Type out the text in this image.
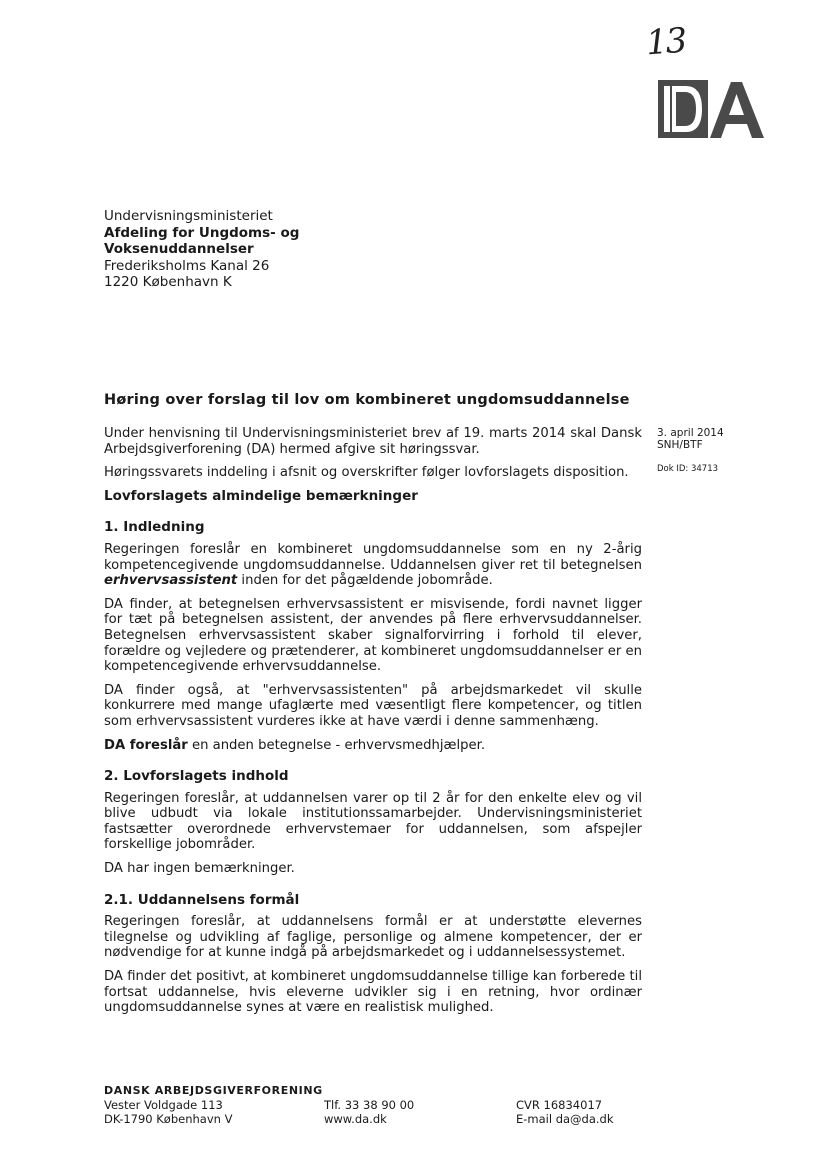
13
Undervisningsministeriet
Afdeling for Ungdoms- og
Voksenuddannelser
Frederiksholms Kanal 26
1220 København K
Høring over forslag til lov om kombineret ungdomsuddannelse
3. april 2014
SNH/BTF
Dok ID: 34713

Under henvisning til Undervisningsministeriet brev af 19. marts 2014 skal Dansk Arbejdsgiverforening (DA) hermed afgive sit høringssvar.

Høringssvarets inddeling i afsnit og overskrifter følger lovforslagets disposition.

Lovforslagets almindelige bemærkninger
1. Indledning

Regeringen foreslår en kombineret ungdomsuddannelse som en ny 2-årig kompetencegivende ungdomsuddannelse. Uddannelsen giver ret til betegnelsen erhvervsassistent inden for det pågældende jobområde.

DA finder, at betegnelsen erhvervsassistent er misvisende, fordi navnet ligger for tæt på betegnelsen assistent, der anvendes på flere erhvervsuddannelser. Betegnelsen erhvervsassistent skaber signalforvirring i forhold til elever, forældre og vejledere og prætenderer, at kombineret ungdomsuddannelser er en kompetencegivende erhvervsuddannelse.

DA finder også, at "erhvervsassistenten" på arbejdsmarkedet vil skulle konkurrere med mange ufaglærte med væsentligt flere kompetencer, og titlen som erhvervsassistent vurderes ikke at have værdi i denne sammenhæng.

DA foreslår en anden betegnelse - erhvervsmedhjælper.

2. Lovforslagets indhold

Regeringen foreslår, at uddannelsen varer op til 2 år for den enkelte elev og vil blive udbudt via lokale institutionssamarbejder. Undervisningsministeriet fastsætter overordnede erhvervstemaer for uddannelsen, som afspejler forskellige jobområder.

DA har ingen bemærkninger.

2.1. Uddannelsens formål

Regeringen foreslår, at uddannelsens formål er at understøtte elevernes tilegnelse og udvikling af faglige, personlige og almene kompetencer, der er nødvendige for at kunne indgå på arbejdsmarkedet og i uddannelsessystemet.

DA finder det positivt, at kombineret ungdomsuddannelse tillige kan forberede til fortsat uddannelse, hvis eleverne udvikler sig i en retning, hvor ordinær ungdomsuddannelse synes at være en realistisk mulighed.

DANSK ARBEJDSGIVERFORENING
Vester Voldgade 113
DK-1790 København V
Tlf. 33 38 90 00
www.da.dk
CVR 16834017
E-mail da@da.dk
